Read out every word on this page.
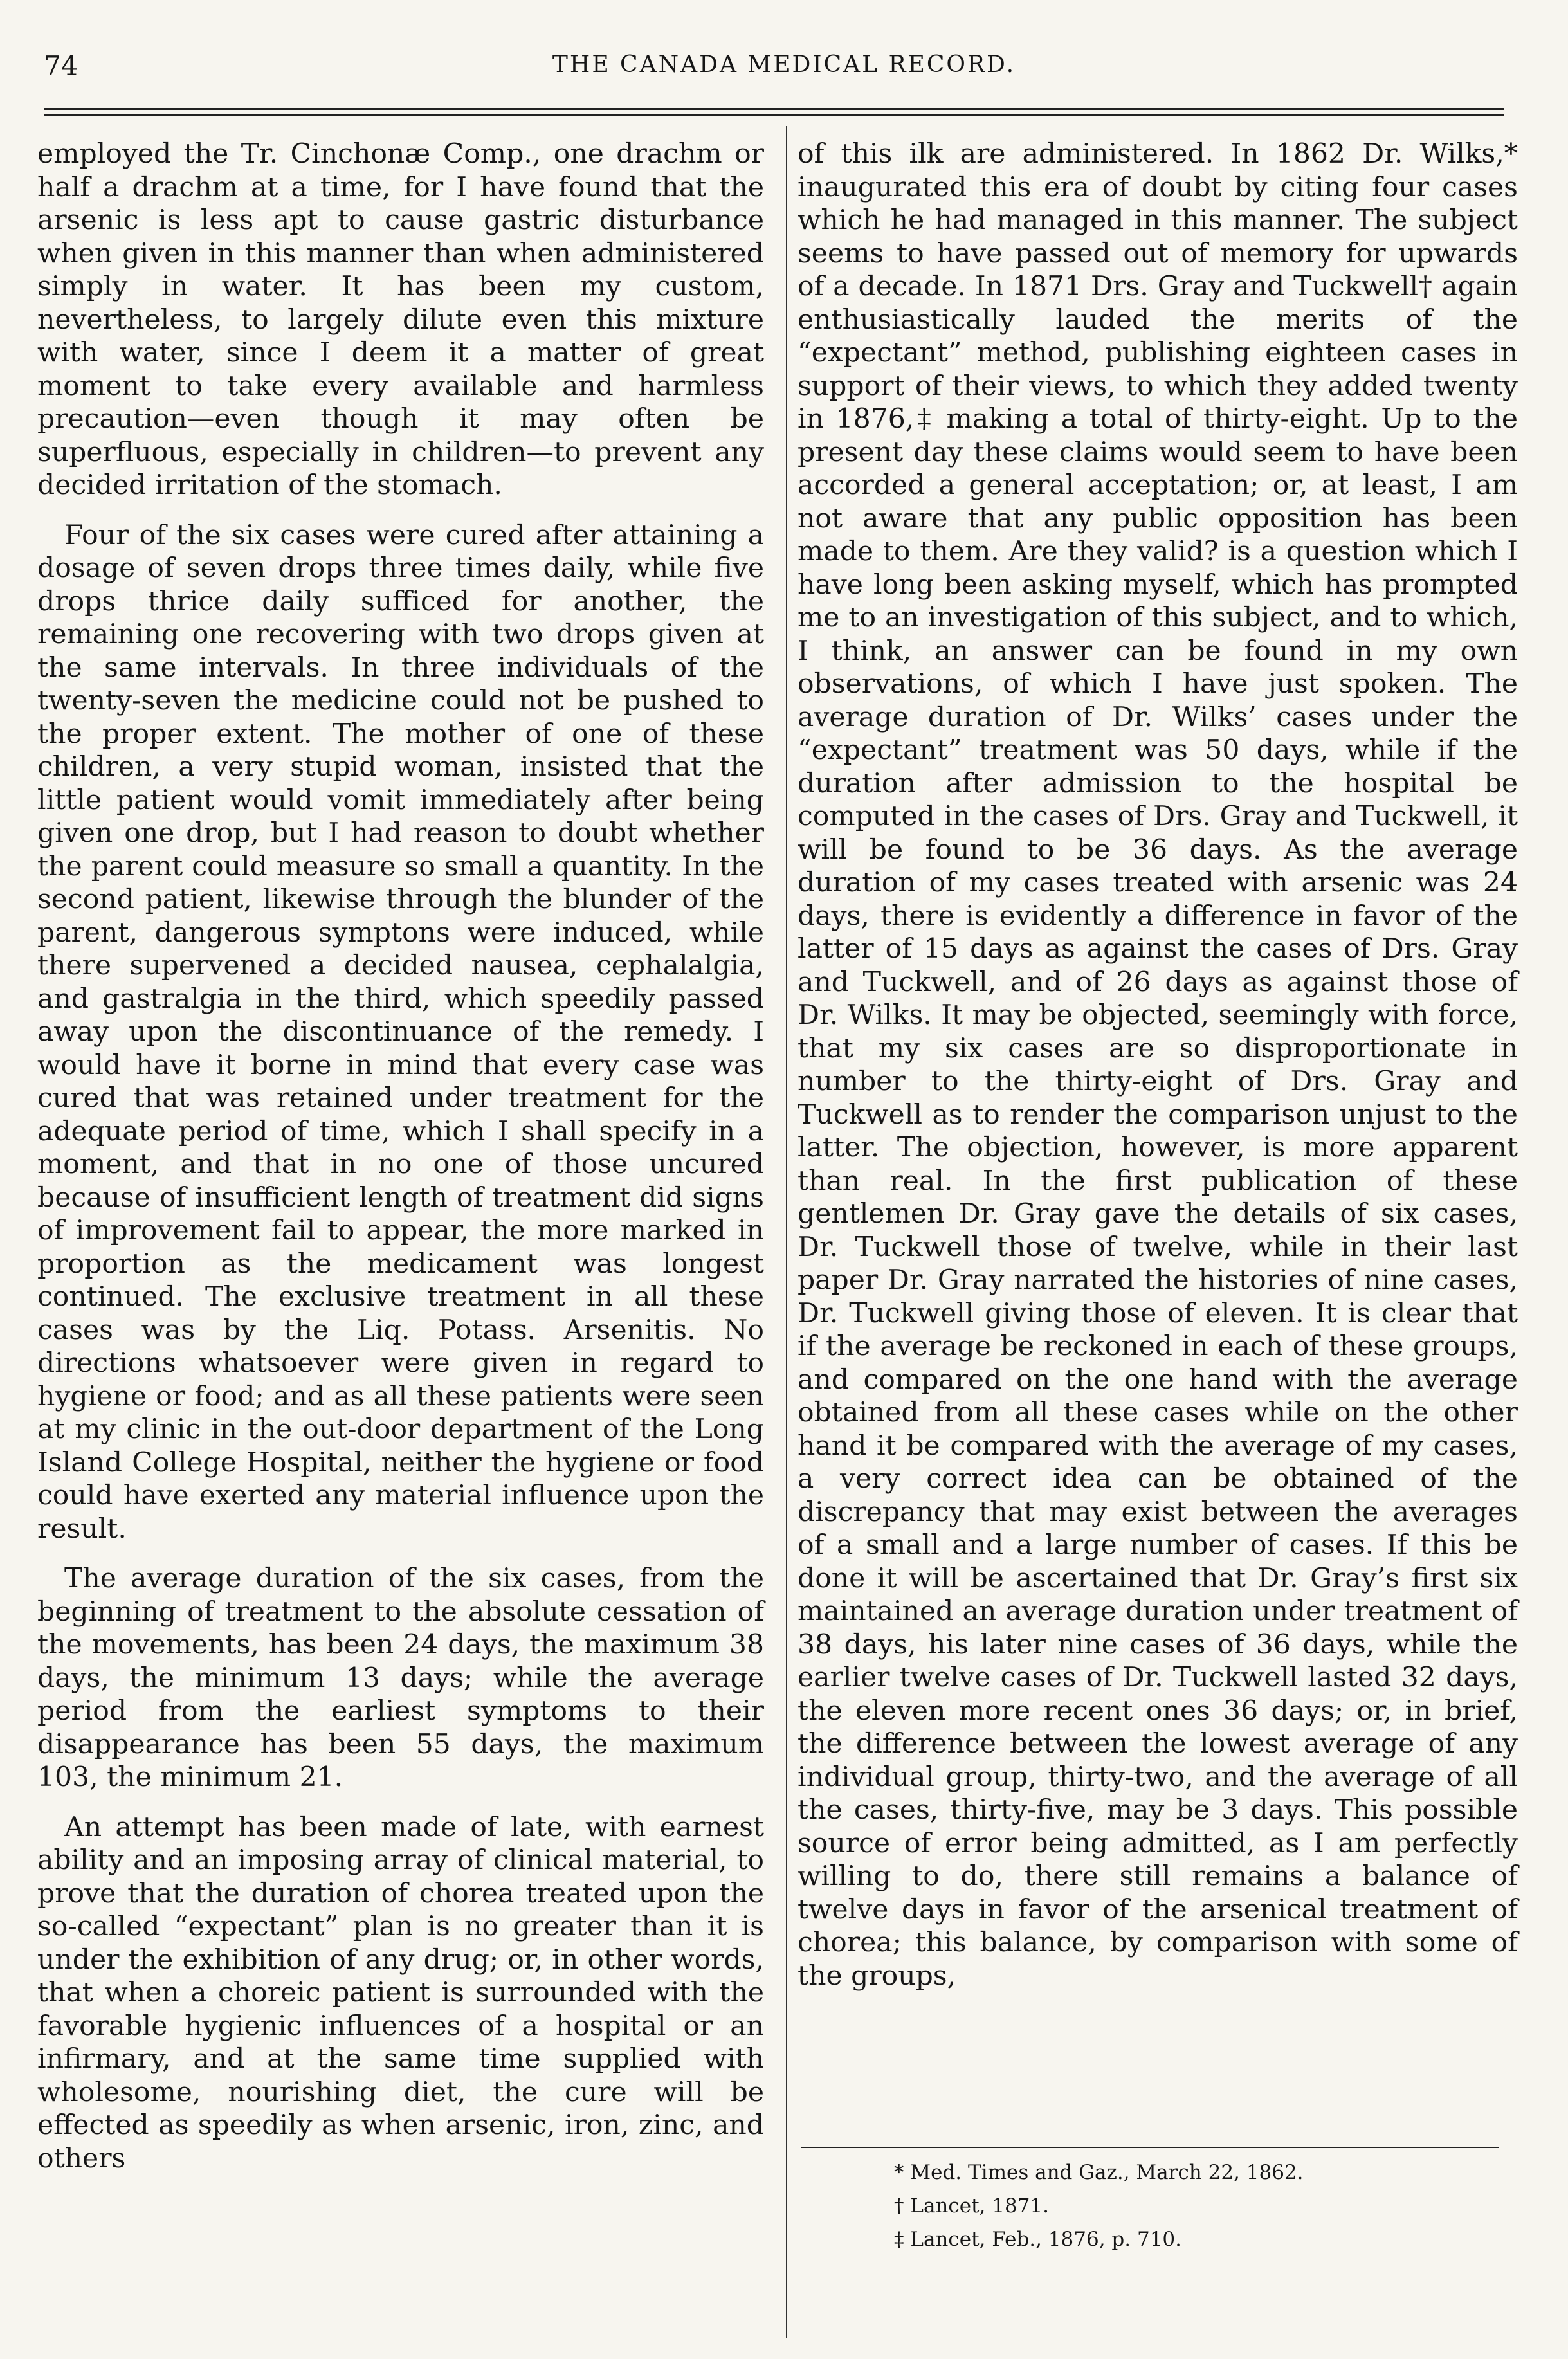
74	THE CANADA MEDICAL RECORD.

employed the Tr. Cinchonæ Comp., one drachm or half a drachm at a time, for I have found that the arsenic is less apt to cause gastric disturbance when given in this manner than when administered simply in water. It has been my custom, nevertheless, to largely dilute even this mixture with water, since I deem it a matter of great moment to take every available and harmless precaution—even though it may often be superfluous, especially in children—to prevent any decided irritation of the stomach.

Four of the six cases were cured after attaining a dosage of seven drops three times daily, while five drops thrice daily sufficed for another, the remaining one recovering with two drops given at the same intervals. In three individuals of the twenty-seven the medicine could not be pushed to the proper extent. The mother of one of these children, a very stupid woman, insisted that the little patient would vomit immediately after being given one drop, but I had reason to doubt whether the parent could measure so small a quantity. In the second patient, likewise through the blunder of the parent, dangerous symptons were induced, while there supervened a decided nausea, cephalalgia, and gastralgia in the third, which speedily passed away upon the discontinuance of the remedy. I would have it borne in mind that every case was cured that was retained under treatment for the adequate period of time, which I shall specify in a moment, and that in no one of those uncured because of insufficient length of treatment did signs of improvement fail to appear, the more marked in proportion as the medicament was longest continued. The exclusive treatment in all these cases was by the Liq. Potass. Arsenitis. No directions whatsoever were given in regard to hygiene or food; and as all these patients were seen at my clinic in the out-door department of the Long Island College Hospital, neither the hygiene or food could have exerted any material influence upon the result.

The average duration of the six cases, from the beginning of treatment to the absolute cessation of the movements, has been 24 days, the maximum 38 days, the minimum 13 days; while the average period from the earliest symptoms to their disappearance has been 55 days, the maximum 103, the minimum 21.

An attempt has been made of late, with earnest ability and an imposing array of clinical material, to prove that the duration of chorea treated upon the so-called “expectant” plan is no greater than it is under the exhibition of any drug; or, in other words, that when a choreic patient is surrounded with the favorable hygienic influences of a hospital or an infirmary, and at the same time supplied with wholesome, nourishing diet, the cure will be effected as speedily as when arsenic, iron, zinc, and others

of this ilk are administered. In 1862 Dr. Wilks,* inaugurated this era of doubt by citing four cases which he had managed in this manner. The subject seems to have passed out of memory for upwards of a decade. In 1871 Drs. Gray and Tuckwell† again enthusiastically lauded the merits of the “expectant” method, publishing eighteen cases in support of their views, to which they added twenty in 1876,‡ making a total of thirty-eight. Up to the present day these claims would seem to have been accorded a general acceptation; or, at least, I am not aware that any public opposition has been made to them. Are they valid? is a question which I have long been asking myself, which has prompted me to an investigation of this subject, and to which, I think, an answer can be found in my own observations, of which I have just spoken. The average duration of Dr. Wilks’ cases under the “expectant” treatment was 50 days, while if the duration after admission to the hospital be computed in the cases of Drs. Gray and Tuckwell, it will be found to be 36 days. As the average duration of my cases treated with arsenic was 24 days, there is evidently a difference in favor of the latter of 15 days as against the cases of Drs. Gray and Tuckwell, and of 26 days as against those of Dr. Wilks. It may be objected, seemingly with force, that my six cases are so disproportionate in number to the thirty-eight of Drs. Gray and Tuckwell as to render the comparison unjust to the latter. The objection, however, is more apparent than real. In the first publication of these gentlemen Dr. Gray gave the details of six cases, Dr. Tuckwell those of twelve, while in their last paper Dr. Gray narrated the histories of nine cases, Dr. Tuckwell giving those of eleven. It is clear that if the average be reckoned in each of these groups, and compared on the one hand with the average obtained from all these cases while on the other hand it be compared with the average of my cases, a very correct idea can be obtained of the discrepancy that may exist between the averages of a small and a large number of cases. If this be done it will be ascertained that Dr. Gray’s first six maintained an average duration under treatment of 38 days, his later nine cases of 36 days, while the earlier twelve cases of Dr. Tuckwell lasted 32 days, the eleven more recent ones 36 days; or, in brief, the difference between the lowest average of any individual group, thirty-two, and the average of all the cases, thirty-five, may be 3 days. This possible source of error being admitted, as I am perfectly willing to do, there still remains a balance of twelve days in favor of the arsenical treatment of chorea; this balance, by comparison with some of the groups,

* Med. Times and Gaz., March 22, 1862.
† Lancet, 1871.
‡ Lancet, Feb., 1876, p. 710.
